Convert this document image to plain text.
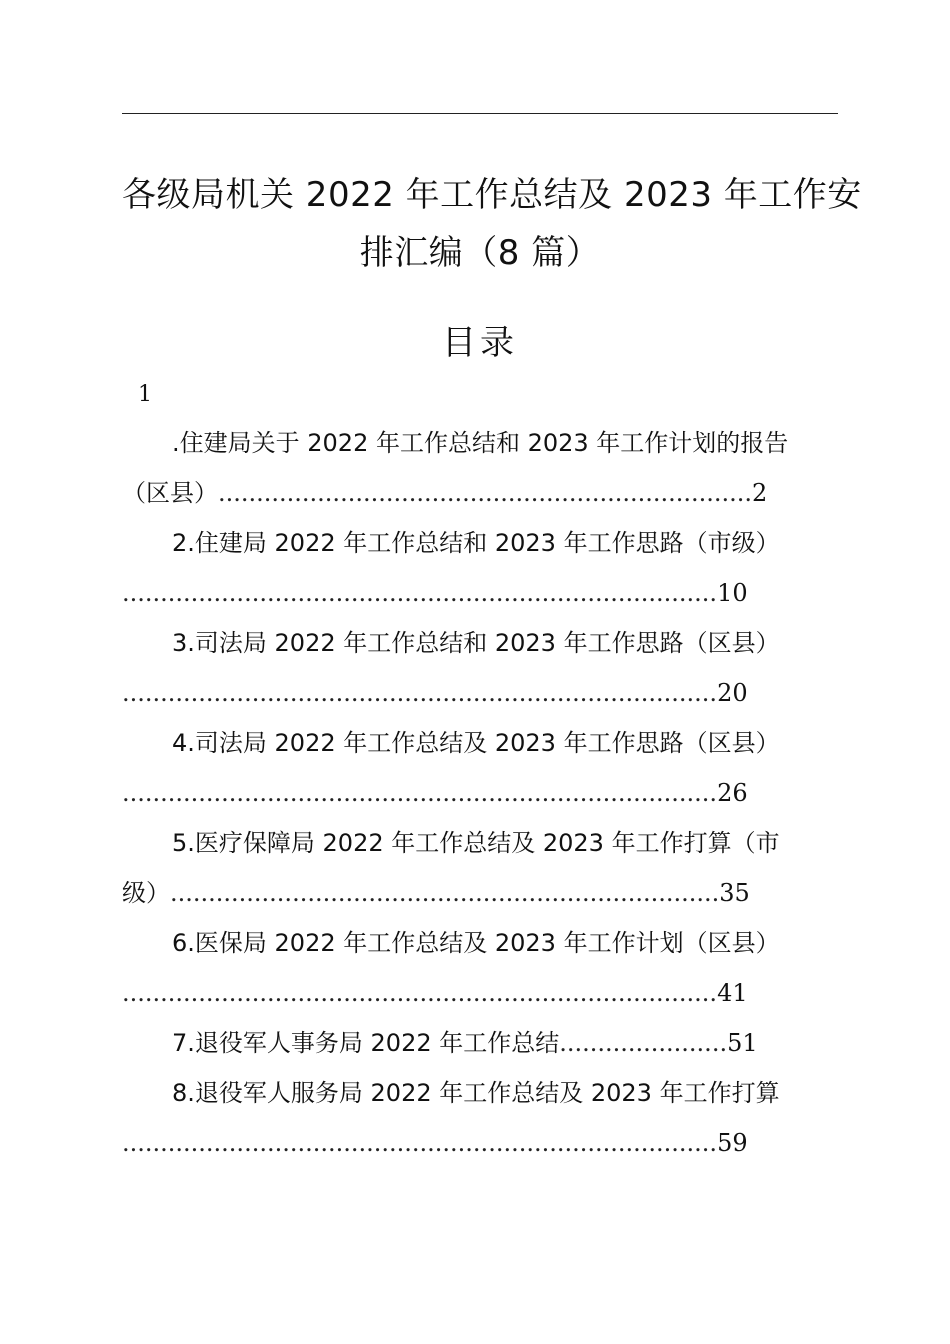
各级局机关 2022 年工作总结及 2023 年工作安
排汇编（8 篇）
目录
1
.住建局关于 2022 年工作总结和 2023 年工作计划的报告
（区县）......................................................................2
2.住建局 2022 年工作总结和 2023 年工作思路（市级）
..............................................................................10
3.司法局 2022 年工作总结和 2023 年工作思路（区县）
..............................................................................20
4.司法局 2022 年工作总结及 2023 年工作思路（区县）
..............................................................................26
5.医疗保障局 2022 年工作总结及 2023 年工作打算（市
级）........................................................................35
6.医保局 2022 年工作总结及 2023 年工作计划（区县）
..............................................................................41
7.退役军人事务局 2022 年工作总结......................51
8.退役军人服务局 2022 年工作总结及 2023 年工作打算
..............................................................................59
